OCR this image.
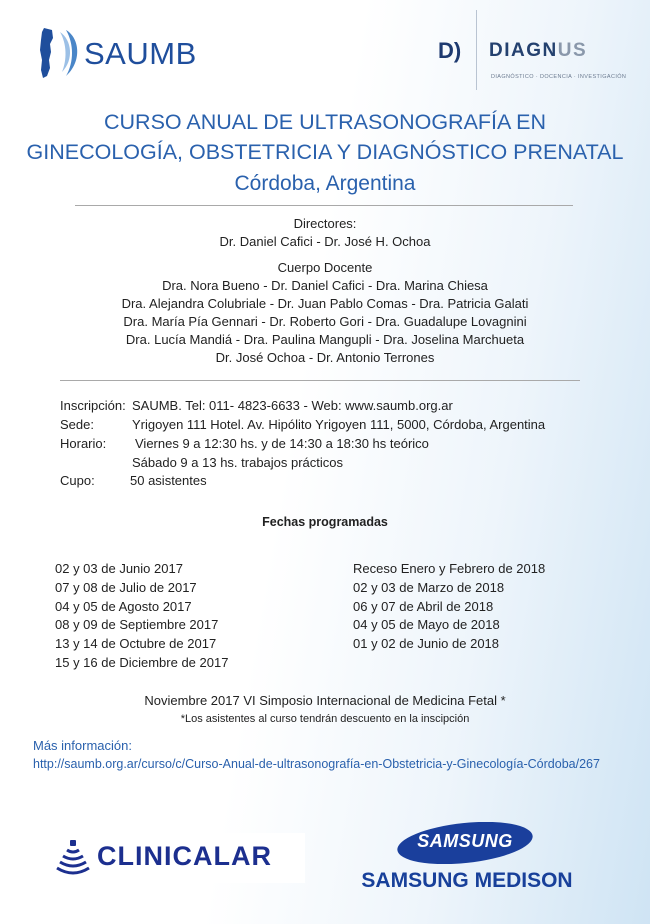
SAUMB	D) DIAGNUS
DIAGNÓSTICO · DOCENCIA · INVESTIGACIÓN
CURSO ANUAL DE ULTRASONOGRAFÍA EN
GINECOLOGÍA, OBSTETRICIA Y DIAGNÓSTICO PRENATAL
Córdoba, Argentina
Directores:
Dr. Daniel Cafici - Dr. José H. Ochoa
Cuerpo Docente
Dra. Nora Bueno - Dr. Daniel Cafici - Dra. Marina Chiesa
Dra. Alejandra Colubriale - Dr. Juan Pablo Comas - Dra. Patricia Galati
Dra. María Pía Gennari - Dr. Roberto Gori - Dra. Guadalupe Lovagnini
Dra. Lucía Mandiá - Dra. Paulina Mangupli - Dra. Joselina Marchueta
Dr. José Ochoa - Dr. Antonio Terrones
Inscripción: SAUMB. Tel: 011- 4823-6633 - Web: www.saumb.org.ar
Sede:	Yrigoyen 111 Hotel. Av. Hipólito Yrigoyen 111, 5000, Córdoba, Argentina
Horario: Viernes 9 a 12:30 hs. y de 14:30 a 18:30 hs teórico
Sábado 9 a 13 hs. trabajos prácticos
Cupo:	50 asistentes
Fechas programadas
02 y 03 de Junio 2017
07 y 08 de Julio de 2017
04 y 05 de Agosto 2017
08 y 09 de Septiembre 2017
13 y 14 de Octubre de 2017
15 y 16 de Diciembre de 2017
Receso Enero y Febrero de 2018
02 y 03 de Marzo de 2018
06 y 07 de Abril de 2018
04 y 05 de Mayo de 2018
01 y 02 de Junio de 2018
Noviembre 2017 VI Simposio Internacional de Medicina Fetal *
*Los asistentes al curso tendrán descuento en la inscipción
Más información:
http://saumb.org.ar/curso/c/Curso-Anual-de-ultrasonografía-en-Obstetricia-y-Ginecología-Córdoba/267
CLINICALAR	SAMSUNG
SAMSUNG MEDISON
